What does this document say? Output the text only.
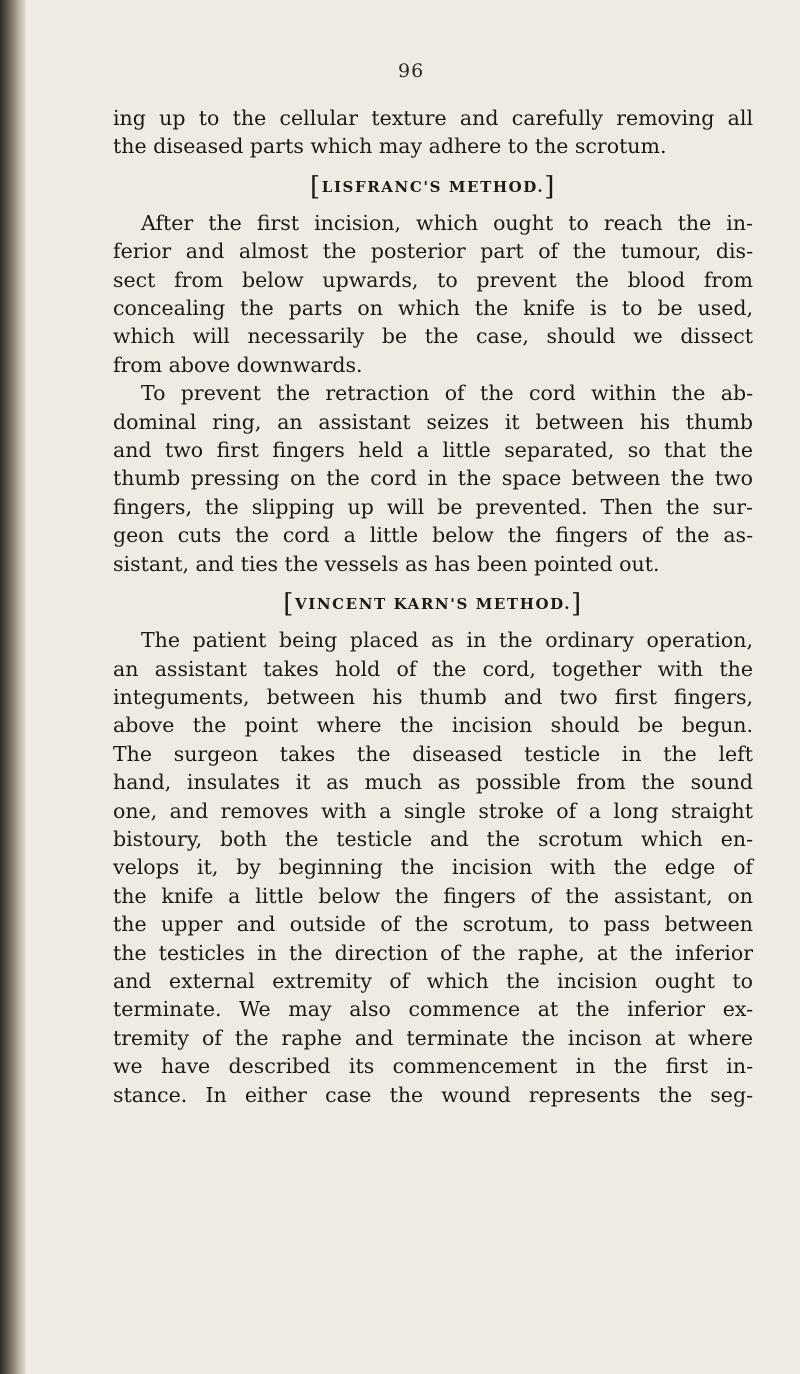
96
ing up to the cellular texture and carefully removing all
the diseased parts which may adhere to the scrotum.
[LISFRANC'S METHOD.]
After the first incision, which ought to reach the in-
ferior and almost the posterior part of the tumour, dis-
sect from below upwards, to prevent the blood from
concealing the parts on which the knife is to be used,
which will necessarily be the case, should we dissect
from above downwards.
To prevent the retraction of the cord within the ab-
dominal ring, an assistant seizes it between his thumb
and two first fingers held a little separated, so that the
thumb pressing on the cord in the space between the two
fingers, the slipping up will be prevented. Then the sur-
geon cuts the cord a little below the fingers of the as-
sistant, and ties the vessels as has been pointed out.
[VINCENT KARN'S METHOD.]
The patient being placed as in the ordinary operation,
an assistant takes hold of the cord, together with the
integuments, between his thumb and two first fingers,
above the point where the incision should be begun.
The surgeon takes the diseased testicle in the left
hand, insulates it as much as possible from the sound
one, and removes with a single stroke of a long straight
bistoury, both the testicle and the scrotum which en-
velops it, by beginning the incision with the edge of
the knife a little below the fingers of the assistant, on
the upper and outside of the scrotum, to pass between
the testicles in the direction of the raphe, at the inferior
and external extremity of which the incision ought to
terminate. We may also commence at the inferior ex-
tremity of the raphe and terminate the incison at where
we have described its commencement in the first in-
stance. In either case the wound represents the seg-
